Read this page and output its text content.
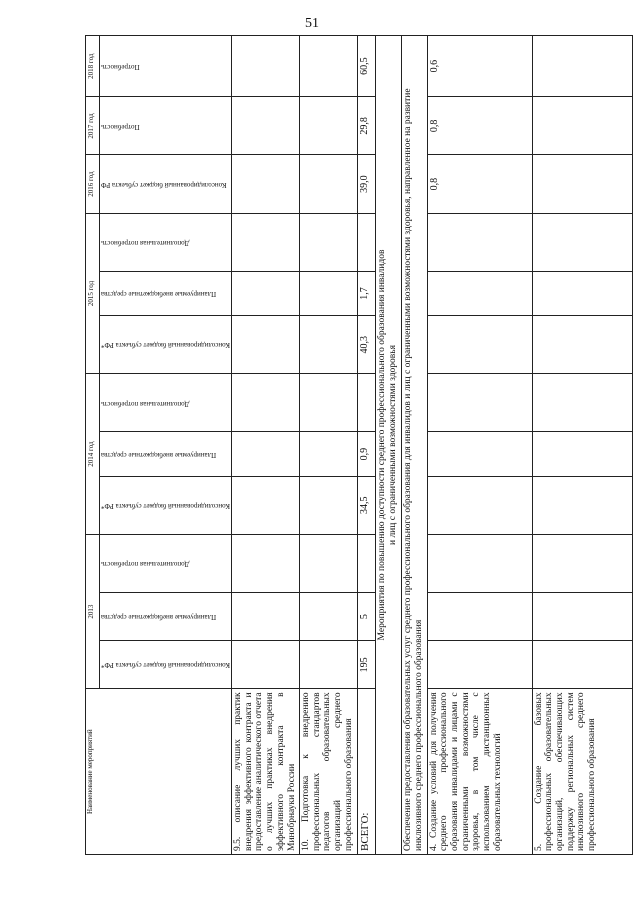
51
Наименование мероприятий	2013			2014 год			2015 год			2016 год	2017 год	2018 год

	Консолидированный бюджет субъекта РФ*	Планируемые внебюджетные средства	Дополнительная потребность	Консолидированный бюджет субъекта РФ*	Планируемые внебюджетные средства	Дополнительная потребность	Консолидированный бюджет субъекта РФ*	Планируемые внебюджетные средства	Дополнительная потребность	Консолидированный бюджет субъекта РФ	Потребность	Потребность

9.5. описание лучших практик внедрения эффективного контракта и предоставление аналитического отчета о лучших практиках внедрения эффективного контракта в Минобрнауки России												
10. Подготовка к внедрению профессиональных стандартов педагогов образовательных организаций среднего профессионального образования												
ВСЕГО:	195	5		34,5	0,9		40,3	1,7		39,0	29,8	60,5

Мероприятия по повышению доступности среднего профессионального образования инвалидов и лиц с ограниченными возможностями здоровья												

Обеспечение предоставления образовательных услуг среднего профессионального образования для инвалидов и лиц с ограниченными возможностями здоровья, направленное на развитие инклюзивного среднего профессионального образования												
4. Создание условий для получения среднего профессионального образования инвалидами и лицами с ограниченными возможностями здоровья, в том числе с использованием дистанционных образовательных технологий										0,8	0,8	0,6
5. Создание базовых профессиональных образовательных организаций, обеспечивающих поддержку региональных систем инклюзивного среднего профессионального образования												
